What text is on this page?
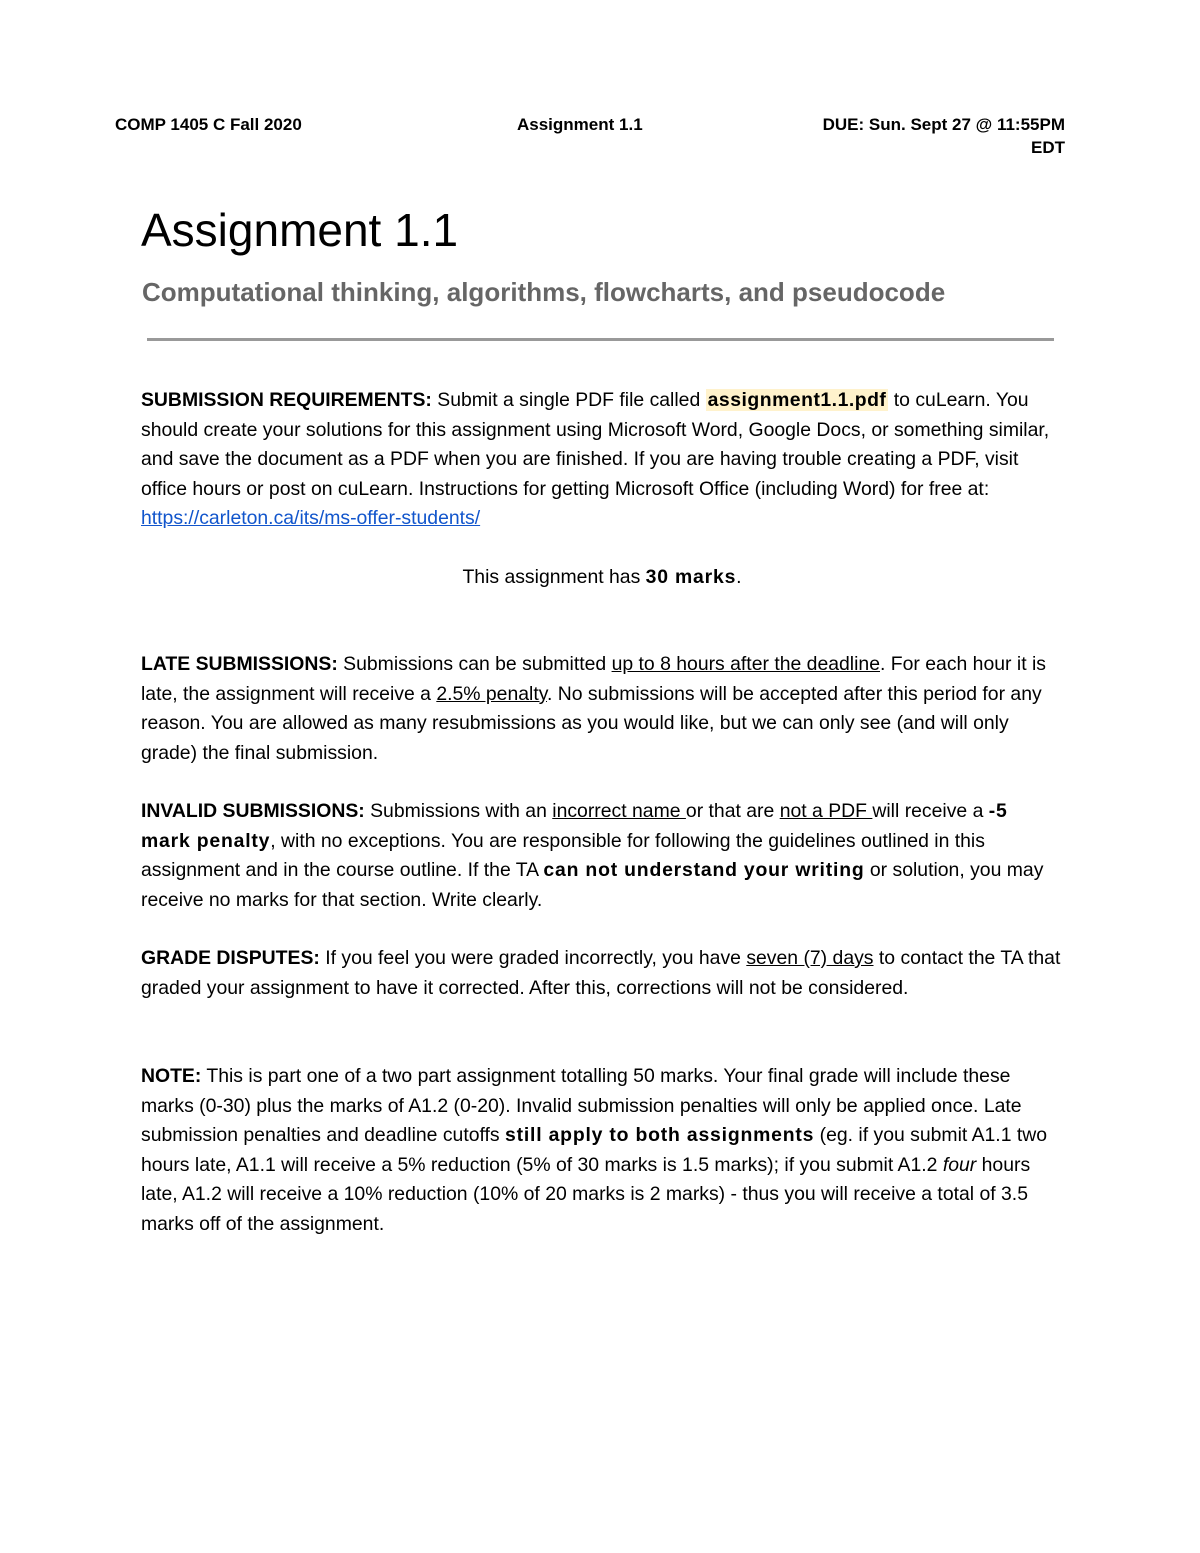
COMP 1405 C Fall 2020	Assignment 1.1	DUE: Sun. Sept 27 @ 11:55PM
EDT
Assignment 1.1
Computational thinking, algorithms, flowcharts, and pseudocode

SUBMISSION REQUIREMENTS: Submit a single PDF file called assignment1.1.pdf to cuLearn. You should create your solutions for this assignment using Microsoft Word, Google Docs, or something similar, and save the document as a PDF when you are finished. If you are having trouble creating a PDF, visit office hours or post on cuLearn. Instructions for getting Microsoft Office (including Word) for free at: https://carleton.ca/its/ms-offer-students/

This assignment has 30 marks.

LATE SUBMISSIONS: Submissions can be submitted up to 8 hours after the deadline. For each hour it is late, the assignment will receive a 2.5% penalty. No submissions will be accepted after this period for any reason. You are allowed as many resubmissions as you would like, but we can only see (and will only grade) the final submission.

INVALID SUBMISSIONS: Submissions with an incorrect name or that are not a PDF will receive a -5 mark penalty, with no exceptions. You are responsible for following the guidelines outlined in this assignment and in the course outline. If the TA can not understand your writing or solution, you may receive no marks for that section. Write clearly.

GRADE DISPUTES: If you feel you were graded incorrectly, you have seven (7) days to contact the TA that graded your assignment to have it corrected. After this, corrections will not be considered.

NOTE: This is part one of a two part assignment totalling 50 marks. Your final grade will include these marks (0-30) plus the marks of A1.2 (0-20). Invalid submission penalties will only be applied once. Late submission penalties and deadline cutoffs still apply to both assignments (eg. if you submit A1.1 two hours late, A1.1 will receive a 5% reduction (5% of 30 marks is 1.5 marks); if you submit A1.2 four hours late, A1.2 will receive a 10% reduction (10% of 20 marks is 2 marks) - thus you will receive a total of 3.5 marks off of the assignment.
